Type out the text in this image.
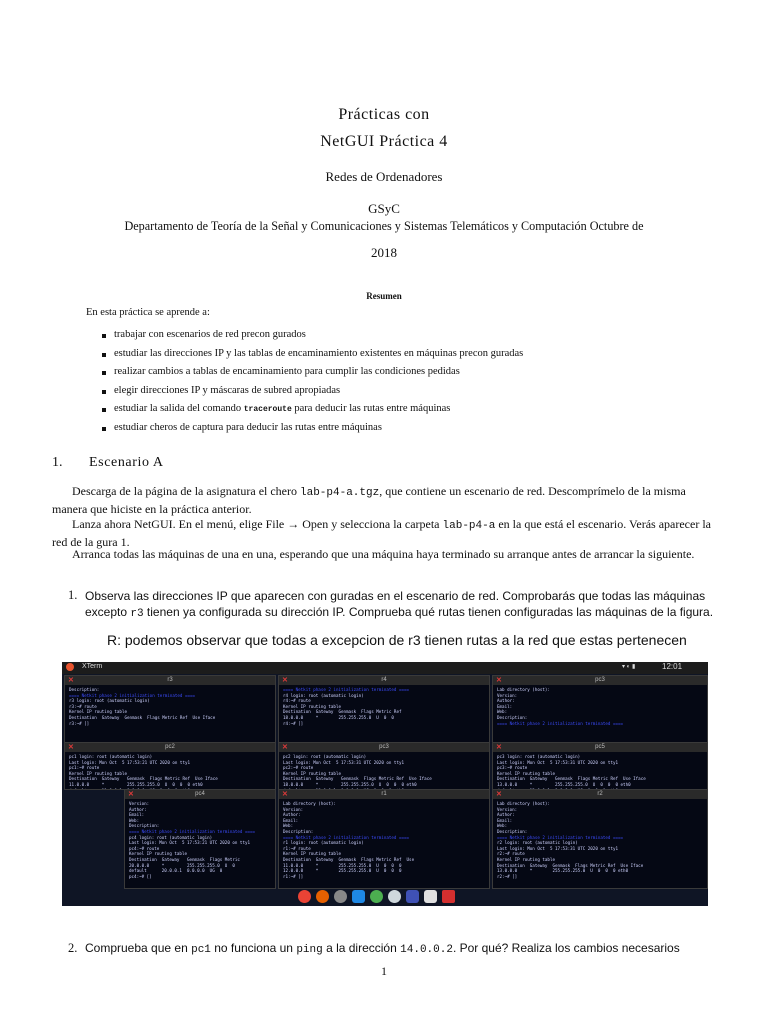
Prácticas con
NetGUI Práctica 4
Redes de Ordenadores
GSyC
Departamento de Teoría de la Señal y Comunicaciones y Sistemas Telemáticos y Computación Octubre de
2018
Resumen
En esta práctica se aprende a:
trabajar con escenarios de red precon gurados
estudiar las direcciones IP y las tablas de encaminamiento existentes en máquinas precon guradas
realizar cambios a tablas de encaminamiento para cumplir las condiciones pedidas
elegir direcciones IP y máscaras de subred apropiadas
estudiar la salida del comando traceroute para deducir las rutas entre máquinas
estudiar cheros de captura para deducir las rutas entre máquinas
1. Escenario A
Descarga de la página de la asignatura el chero lab-p4-a.tgz, que contiene un escenario de red. Descomprímelo de la misma manera que hiciste en la práctica anterior.
Lanza ahora NetGUI. En el menú, elige File → Open y selecciona la carpeta lab-p4-a en la que está el escenario. Verás aparecer la red de la gura 1.
Arranca todas las máquinas de una en una, esperando que una máquina haya terminado su arranque antes de arrancar la siguiente.
1. Observa las direcciones IP que aparecen con guradas en el escenario de red. Comprobarás que todas las máquinas excepto r3 tienen ya configurada su dirección IP. Comprueba qué rutas tienen configuradas las máquinas de la figura.
R: podemos observar que todas a excepcion de r3 tienen rutas a la red que estas pertenecen
XTerm	▾ ◐ ▮	12:01
✕	r3
Description:
==== Netkit phase 2 initialization terminated ====
r3 login: root (automatic login)
r3:~# route
Kernel IP routing table
Destination  Gateway  Genmask  Flags Metric Ref  Use Iface
r3:~# []
✕	r4
==== Netkit phase 2 initialization terminated ====
r4 login: root (automatic login)
r4:~# route
Kernel IP routing table
Destination  Gateway  Genmask  Flags Metric Ref
18.0.0.0     *        255.255.255.0  U  0  0
r4:~# []
✕	pc3
Lab directory (host):
Version:
Author:
Email:
Web:
Description:
==== Netkit phase 2 initialization terminated ====
✕	pc2
pc1 login: root (automatic login)
Last login: Mon Oct  5 17:53:21 UTC 2020 on tty1
pc1:~# route
Kernel IP routing table
Destination  Gateway   Genmask  Flags Metric Ref  Use Iface
11.0.0.0     *         255.255.255.0  U  0  0  0 eth0
✕	pc3
pc2 login: root (automatic login)
Last login: Mon Oct  5 17:53:31 UTC 2020 on tty1
pc2:~# route
Kernel IP routing table
Destination  Gateway   Genmask  Flags Metric Ref  Use Iface
18.0.0.0     *         255.255.255.0  U  0  0  0 eth0
✕	pc5
pc3 login: root (automatic login)
Last login: Mon Oct  5 17:53:31 UTC 2020 on tty1
pc3:~# route
Kernel IP routing table
Destination  Gateway   Genmask  Flags Metric Ref  Use Iface
13.0.0.0     *         255.255.255.0  U  0  0  0 eth0
✕	pc4
Version:
Author:
Email:
Web:
Description:
==== Netkit phase 2 initialization terminated ====
pc4 login: root (automatic login)
Last login: Mon Oct  5 17:53:21 UTC 2020 on tty1
pc4:~# route
Kernel IP routing table
Destination  Gateway   Genmask  Flags Metric
20.0.0.0     *         255.255.255.0  U  0
default      20.0.0.1  0.0.0.0  UG  0
pc4:~# []
✕	r1
Lab directory (host):
Version:
Author:
Email:
Web:
Description:
==== Netkit phase 2 initialization terminated ====
r1 login: root (automatic login)
r1:~# route
Kernel IP routing table
Destination  Gateway  Genmask  Flags Metric Ref  Use
11.0.0.0     *        255.255.255.0  U  0  0  0
12.0.0.0     *        255.255.255.0  U  0  0  0
r1:~# []
✕	r2
Lab directory (host):
Version:
Author:
Email:
Web:
Description:
==== Netkit phase 2 initialization terminated ====
r2 login: root (automatic login)
Last login: Mon Oct  5 17:53:31 UTC 2020 on tty1
r2:~# route
Kernel IP routing table
Destination  Gateway  Genmask  Flags Metric Ref  Use Iface
13.0.0.0     *        255.255.255.0  U  0  0  0 eth0
r2:~# []
2. Comprueba que en pc1 no funciona un ping a la dirección 14.0.0.2. Por qué? Realiza los cambios necesarios
1
